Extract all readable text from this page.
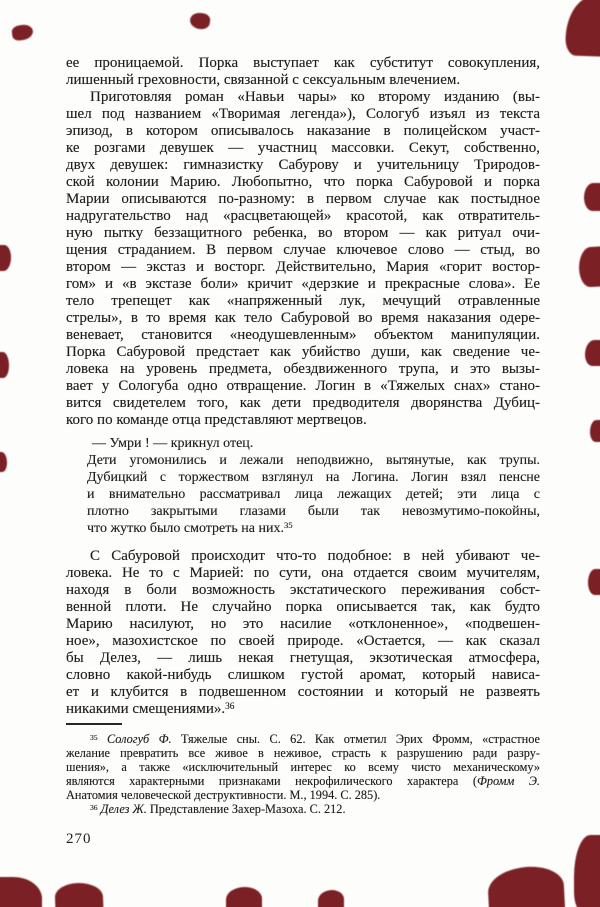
ее проницаемой. Порка выступает как субститут совокупления,
лишенный греховности, связанной с сексуальным влечением.
Приготовляя роман «Навьи чары» ко второму изданию (вы-
шел под названием «Творимая легенда»), Сологуб изъял из текста
эпизод, в котором описывалось наказание в полицейском участ-
ке розгами девушек — участниц массовки. Секут, собственно,
двух девушек: гимназистку Сабурову и учительницу Триродов-
ской колонии Марию. Любопытно, что порка Сабуровой и порка
Марии описываются по-разному: в первом случае как постыдное
надругательство над «расцветающей» красотой, как отвратитель-
ную пытку беззащитного ребенка, во втором — как ритуал очи-
щения страданием. В первом случае ключевое слово — стыд, во
втором — экстаз и восторг. Действительно, Мария «горит востор-
гом» и «в экстазе боли» кричит «дерзкие и прекрасные слова». Ее
тело трепещет как «напряженный лук, мечущий отравленные
стрелы», в то время как тело Сабуровой во время наказания одере-
веневает, становится «неодушевленным» объектом манипуляции.
Порка Сабуровой предстает как убийство души, как сведение че-
ловека на уровень предмета, обездвиженного трупа, и это вызы-
вает у Сологуба одно отвращение. Логин в «Тяжелых снах» стано-
вится свидетелем того, как дети предводителя дворянства Дубиц-
кого по команде отца представляют мертвецов.
— Умри ! — крикнул отец.
Дети угомонились и лежали неподвижно, вытянутые, как трупы.
Дубицкий с торжеством взглянул на Логина. Логин взял пенсне
и внимательно рассматривал лица лежащих детей; эти лица с
плотно закрытыми глазами были так невозмутимо-покойны,
что жутко было смотреть на них.$^{35}$
С Сабуровой происходит что-то подобное: в ней убивают че-
ловека. Не то с Марией: по сути, она отдается своим мучителям,
находя в боли возможность экстатического переживания собст-
венной плоти. Не случайно порка описывается так, как будто
Марию насилуют, но это насилие «отклоненное», «подвешен-
ное», мазохистское по своей природе. «Остается, — как сказал
бы Делез, — лишь некая гнетущая, экзотическая атмосфера,
словно какой-нибудь слишком густой аромат, который нависа-
ет и клубится в подвешенном состоянии и который не развеять
никакими смещениями».$^{36}$
$^{35}$ Сологуб Ф. Тяжелые сны. С. 62. Как отметил Эрих Фромм, «страстное
желание превратить все живое в неживое, страсть к разрушению ради разру-
шения», а также «исключительный интерес ко всему чисто механическому»
являются характерными признаками некрофилического характера (Фромм Э.
Анатомия человеческой деструктивности. М., 1994. С. 285).
$^{36}$ Делез Ж. Представление Захер-Мазоха. С. 212.
270
